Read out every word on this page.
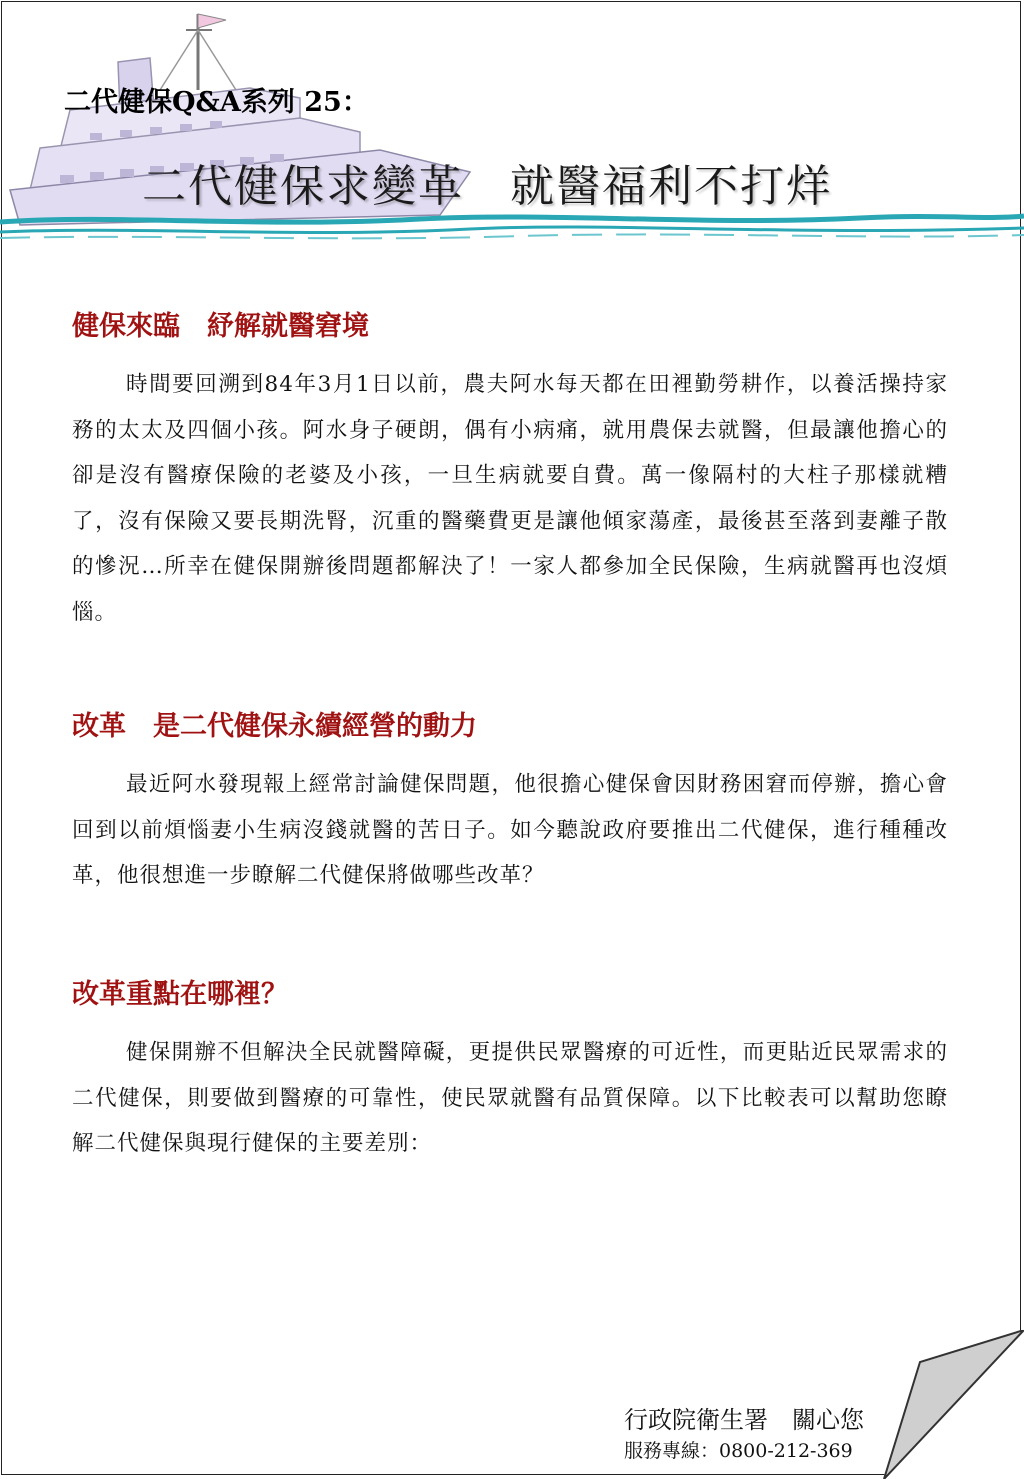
二代健保Q&A系列 25：
二代健保求變革　就醫福利不打烊
健保來臨　紓解就醫窘境

時間要回溯到84年3月1日以前，農夫阿水每天都在田裡勤勞耕作，以養活操持家務的太太及四個小孩。阿水身子硬朗，偶有小病痛，就用農保去就醫，但最讓他擔心的卻是沒有醫療保險的老婆及小孩，一旦生病就要自費。萬一像隔村的大柱子那樣就糟了，沒有保險又要長期洗腎，沉重的醫藥費更是讓他傾家蕩產，最後甚至落到妻離子散的慘況…所幸在健保開辦後問題都解決了！一家人都參加全民保險，生病就醫再也沒煩惱。

改革　是二代健保永續經營的動力

最近阿水發現報上經常討論健保問題，他很擔心健保會因財務困窘而停辦，擔心會回到以前煩惱妻小生病沒錢就醫的苦日子。如今聽說政府要推出二代健保，進行種種改革，他很想進一步瞭解二代健保將做哪些改革？

改革重點在哪裡？

健保開辦不但解決全民就醫障礙，更提供民眾醫療的可近性，而更貼近民眾需求的二代健保，則要做到醫療的可靠性，使民眾就醫有品質保障。以下比較表可以幫助您瞭解二代健保與現行健保的主要差別：

行政院衛生署　關心您
服務專線：0800-212-369
